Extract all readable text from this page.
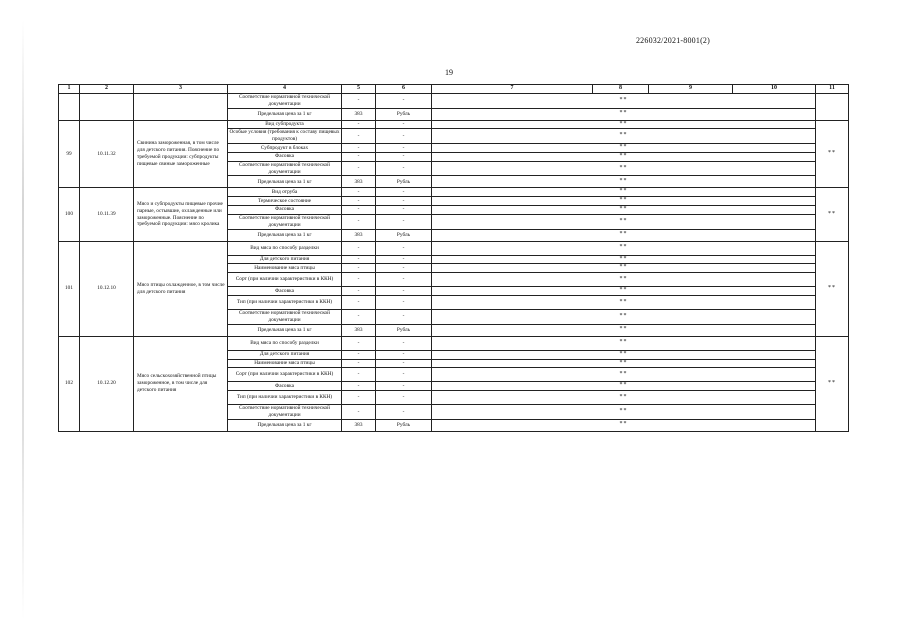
226032/2021-8001(2)
19
1	2	3	4	5	6	7	8	9	10	11
			Соответствие нормативной технической документации	-	-	**				
			Предельная цена за 1 кг	383	Рубль	**				
99	10.11.32	Свинина замороженная, в том числе для детского питания. Пояснение по требуемой продукции: субпродукты пищевые свиные замороженные	Вид субпродукта	-	-	**				**
			Особые условия (требования к составу пищевых продуктов)	-	-	**				
			Субпродукт в блоках	-	-	**				
			Фасовка	-	-	**				
			Соответствие нормативной технической документации	-	-	**				
			Предельная цена за 1 кг	383	Рубль	**				
100	10.11.39	Мясо и субпродукты пищевые прочие парные, остывшие, охлажденные или замороженные. Пояснение по требуемой продукции: мясо кролика	Вид отруба	-	-	**				**
			Термическое состояние	-	-	**				
			Фасовка	-	-	**				
			Соответствие нормативной технической документации	-	-	**				
			Предельная цена за 1 кг	383	Рубль	**				
101	10.12.10	Мясо птицы охлажденное, в том числе для детского питания	Вид мяса по способу разделки	-	-	**				**
			Для детского питания	-	-	**				
			Наименование мяса птицы	-	-	**				
			Сорт (при наличии характеристики в ККН)	-	-	**				
			Фасовка	-	-	**				
			Тип (при наличии характеристики в ККН)	-	-	**				
			Соответствие нормативной технической документации	-	-	**				
			Предельная цена за 1 кг	383	Рубль	**				
102	10.12.20	Мясо сельскохозяйственной птицы замороженное, в том числе для детского питания	Вид мяса по способу разделки	-	-	**				**
			Для детского питания	-	-	**				
			Наименование мяса птицы	-	-	**				
			Сорт (при наличии характеристики в ККН)	-	-	**				
			Фасовка	-	-	**				
			Тип (при наличии характеристики в ККН)	-	-	**				
			Соответствие нормативной технической документации	-	-	**				
			Предельная цена за 1 кг	383	Рубль	**				
